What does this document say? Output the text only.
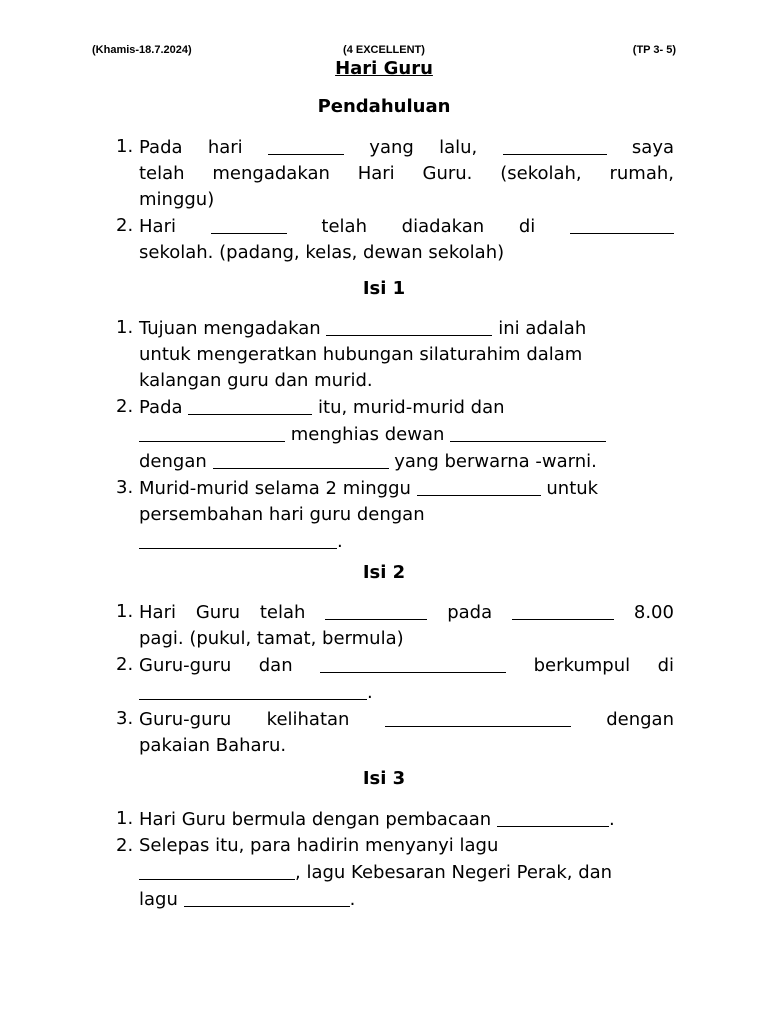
(Khamis-18.7.2024)	(4 EXCELLENT)	(TP 3- 5)
Hari Guru
Pendahuluan
1. Pada hari	yang lalu,	saya
telah mengadakan Hari Guru. (sekolah, rumah,
minggu)
2. Hari	telah diadakan di
sekolah. (padang, kelas, dewan sekolah)
Isi 1
1. Tujuan mengadakan	ini adalah
untuk mengeratkan hubungan silaturahim dalam
kalangan guru dan murid.
2. Pada	itu, murid-murid dan
menghias dewan
dengan	yang berwarna -warni.
3. Murid-murid selama 2 minggu	untuk
persembahan hari guru dengan
.
Isi 2
1. Hari Guru telah	pada	8.00
pagi. (pukul, tamat, bermula)
2. Guru-guru dan	berkumpul di
.
3. Guru-guru kelihatan	dengan
pakaian Baharu.
Isi 3
1. Hari Guru bermula dengan pembacaan	.
2. Selepas itu, para hadirin menyanyi lagu
, lagu Kebesaran Negeri Perak, dan
lagu	.
